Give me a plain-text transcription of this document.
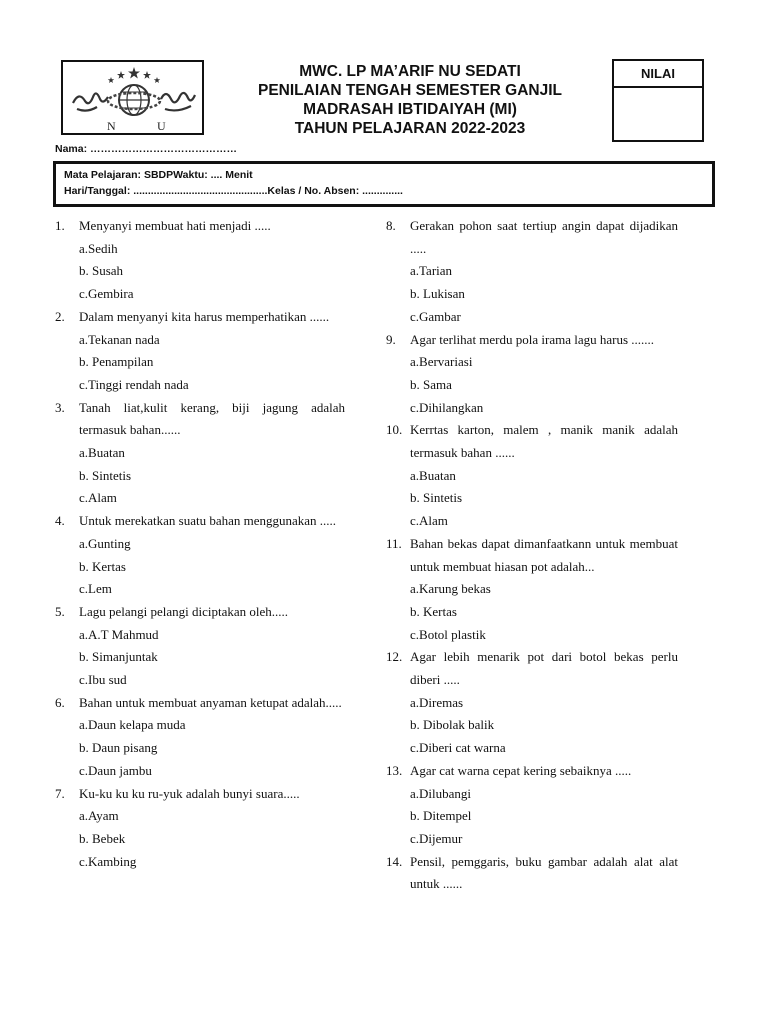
N	U
MWC. LP MA’ARIF NU SEDATI
PENILAIAN TENGAH SEMESTER GANJIL
MADRASAH IBTIDAIYAH (MI)
TAHUN PELAJARAN 2022-2023
NILAI
Nama: ……………………………………
Mata Pelajaran: SBDPWaktu: .... Menit
Hari/Tanggal: ..............................................Kelas / No. Absen: ..............
1. Menyanyi membuat hati menjadi .....
a.Sedih
b. Susah
c.Gembira
2. Dalam menyanyi kita harus memperhatikan ......
a.Tekanan nada
b. Penampilan
c.Tinggi rendah nada
3. Tanah liat,kulit kerang, biji jagung adalah termasuk bahan......
a.Buatan
b. Sintetis
c.Alam
4. Untuk merekatkan suatu bahan menggunakan .....
a.Gunting
b. Kertas
c.Lem
5. Lagu pelangi pelangi diciptakan oleh.....
a.A.T Mahmud
b. Simanjuntak
c.Ibu sud
6. Bahan untuk membuat anyaman ketupat adalah.....
a.Daun kelapa muda
b. Daun pisang
c.Daun jambu
7. Ku-ku ku ku ru-yuk adalah bunyi suara.....
a.Ayam
b. Bebek
c.Kambing
8. Gerakan pohon saat tertiup angin dapat dijadikan .....
a.Tarian
b. Lukisan
c.Gambar
9. Agar terlihat merdu pola irama lagu harus .......
a.Bervariasi
b. Sama
c.Dihilangkan
10. Kerrtas karton, malem , manik manik adalah termasuk bahan ......
a.Buatan
b. Sintetis
c.Alam
11. Bahan bekas dapat dimanfaatkann untuk membuat untuk membuat hiasan pot adalah...
a.Karung bekas
b. Kertas
c.Botol plastik
12. Agar lebih menarik pot dari botol bekas perlu diberi .....
a.Diremas
b. Dibolak balik
c.Diberi cat warna
13. Agar cat warna cepat kering sebaiknya .....
a.Dilubangi
b. Ditempel
c.Dijemur
14. Pensil, pemggaris, buku gambar adalah alat alat untuk ......
